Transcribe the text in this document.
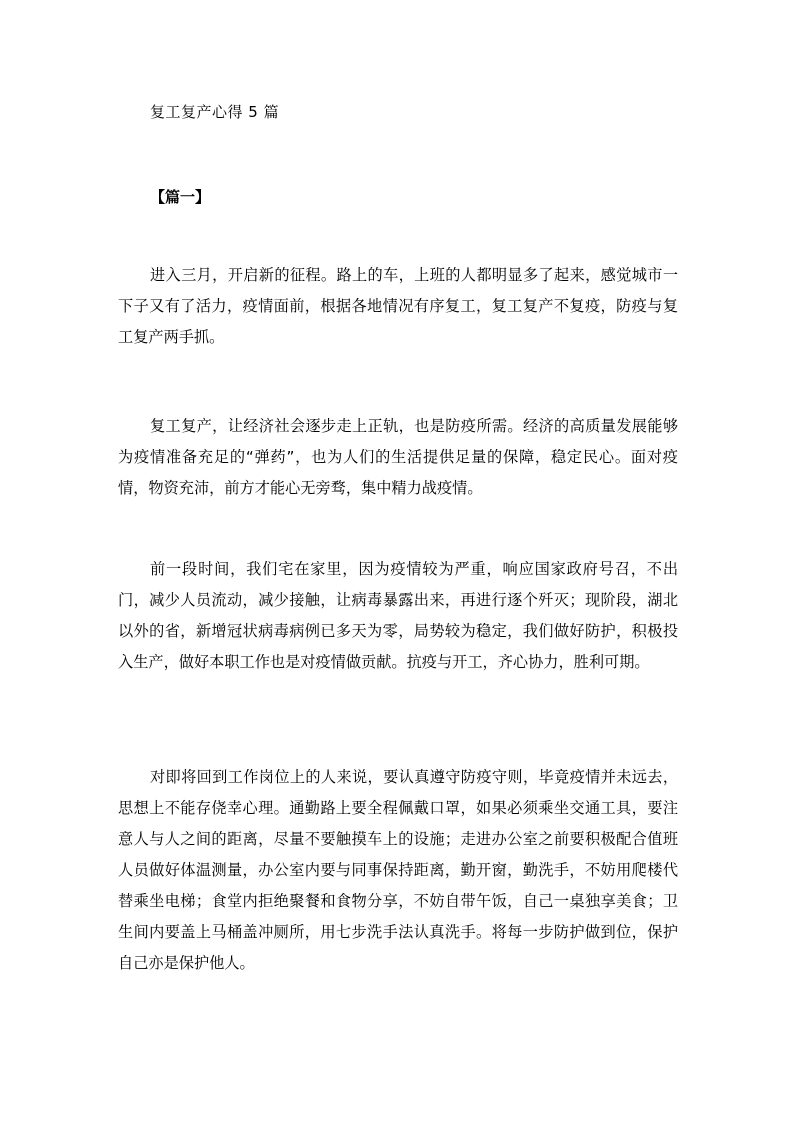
复工复产心得 5 篇
【篇一】

进入三月，开启新的征程。路上的车，上班的人都明显多了起来，感觉城市一下子又有了活力，疫情面前，根据各地情况有序复工，复工复产不复疫，防疫与复工复产两手抓。

复工复产，让经济社会逐步走上正轨，也是防疫所需。经济的高质量发展能够为疫情准备充足的“弹药”，也为人们的生活提供足量的保障，稳定民心。面对疫情，物资充沛，前方才能心无旁骛，集中精力战疫情。

前一段时间，我们宅在家里，因为疫情较为严重，响应国家政府号召，不出门，减少人员流动，减少接触，让病毒暴露出来，再进行逐个歼灭；现阶段，湖北以外的省，新增冠状病毒病例已多天为零，局势较为稳定，我们做好防护，积极投入生产，做好本职工作也是对疫情做贡献。抗疫与开工，齐心协力，胜利可期。

对即将回到工作岗位上的人来说，要认真遵守防疫守则，毕竟疫情并未远去，思想上不能存侥幸心理。通勤路上要全程佩戴口罩，如果必须乘坐交通工具，要注意人与人之间的距离，尽量不要触摸车上的设施；走进办公室之前要积极配合值班人员做好体温测量，办公室内要与同事保持距离，勤开窗，勤洗手，不妨用爬楼代替乘坐电梯；食堂内拒绝聚餐和食物分享，不妨自带午饭，自己一桌独享美食；卫生间内要盖上马桶盖冲厕所，用七步洗手法认真洗手。将每一步防护做到位，保护自己亦是保护他人。
